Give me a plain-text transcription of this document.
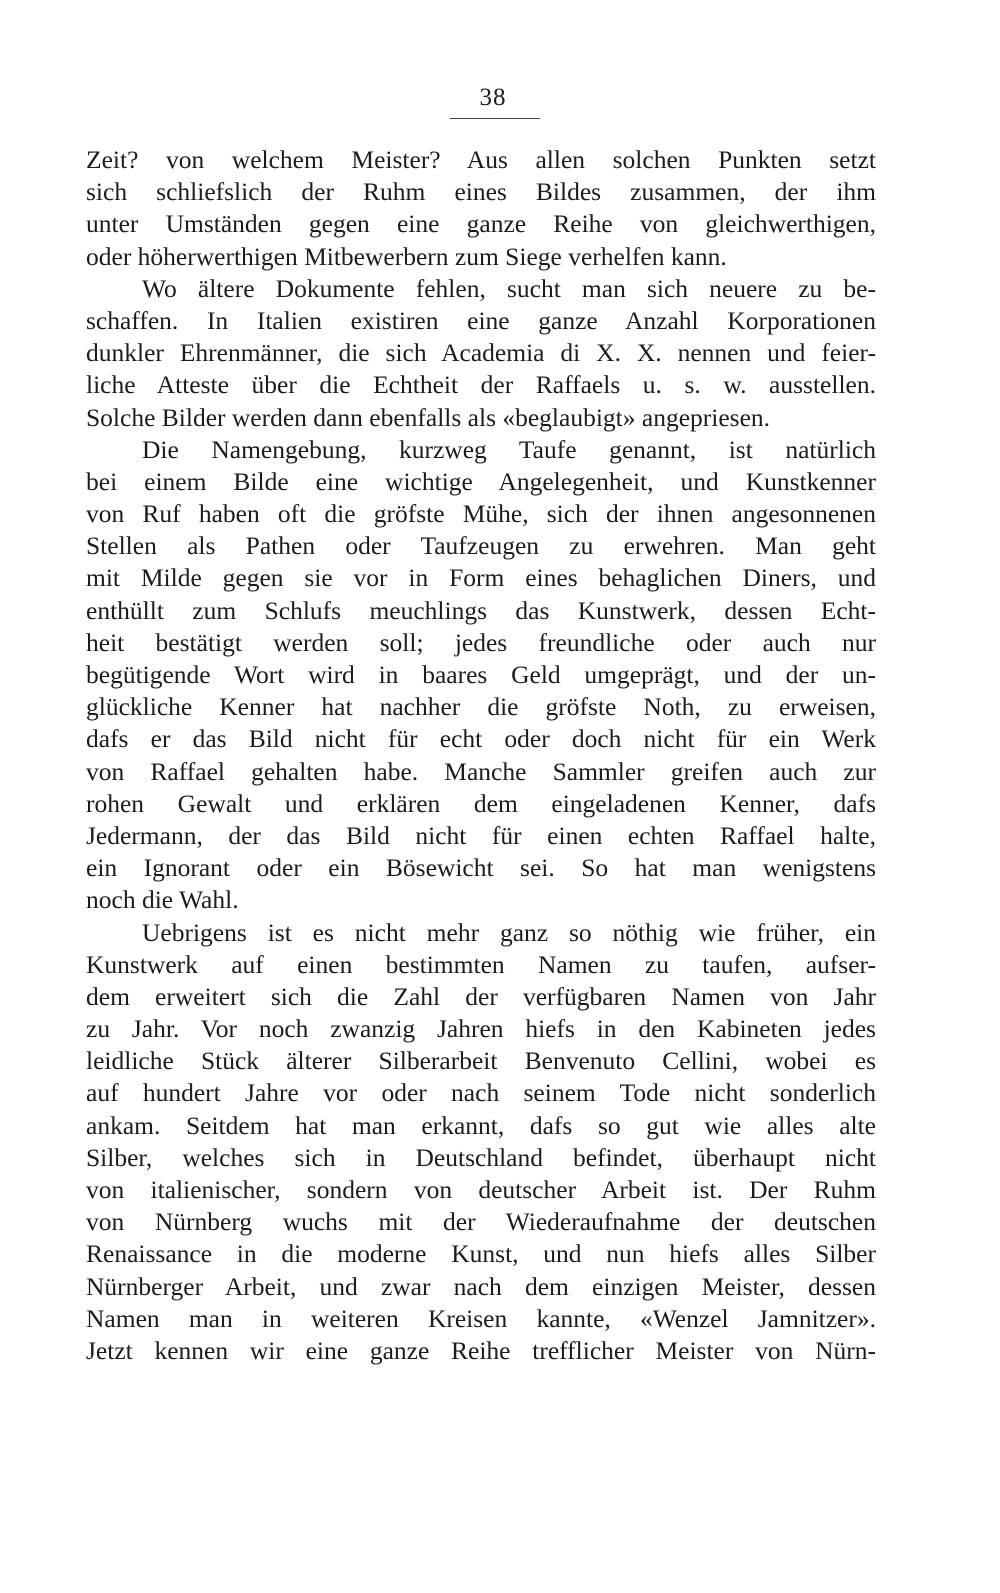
38
Zeit? von welchem Meister? Aus allen solchen Punkten setzt
sich schliefslich der Ruhm eines Bildes zusammen, der ihm
unter Umständen gegen eine ganze Reihe von gleichwerthigen,
oder höherwerthigen Mitbewerbern zum Siege verhelfen kann.
Wo ältere Dokumente fehlen, sucht man sich neuere zu be-
schaffen. In Italien existiren eine ganze Anzahl Korporationen
dunkler Ehrenmänner, die sich Academia di X. X. nennen und feier-
liche Atteste über die Echtheit der Raffaels u. s. w. ausstellen.
Solche Bilder werden dann ebenfalls als «beglaubigt» angepriesen.
Die Namengebung, kurzweg Taufe genannt, ist natürlich
bei einem Bilde eine wichtige Angelegenheit, und Kunstkenner
von Ruf haben oft die gröfste Mühe, sich der ihnen angesonnenen
Stellen als Pathen oder Taufzeugen zu erwehren. Man geht
mit Milde gegen sie vor in Form eines behaglichen Diners, und
enthüllt zum Schlufs meuchlings das Kunstwerk, dessen Echt-
heit bestätigt werden soll; jedes freundliche oder auch nur
begütigende Wort wird in baares Geld umgeprägt, und der un-
glückliche Kenner hat nachher die gröfste Noth, zu erweisen,
dafs er das Bild nicht für echt oder doch nicht für ein Werk
von Raffael gehalten habe. Manche Sammler greifen auch zur
rohen Gewalt und erklären dem eingeladenen Kenner, dafs
Jedermann, der das Bild nicht für einen echten Raffael halte,
ein Ignorant oder ein Bösewicht sei. So hat man wenigstens
noch die Wahl.
Uebrigens ist es nicht mehr ganz so nöthig wie früher, ein
Kunstwerk auf einen bestimmten Namen zu taufen, aufser-
dem erweitert sich die Zahl der verfügbaren Namen von Jahr
zu Jahr. Vor noch zwanzig Jahren hiefs in den Kabineten jedes
leidliche Stück älterer Silberarbeit Benvenuto Cellini, wobei es
auf hundert Jahre vor oder nach seinem Tode nicht sonderlich
ankam. Seitdem hat man erkannt, dafs so gut wie alles alte
Silber, welches sich in Deutschland befindet, überhaupt nicht
von italienischer, sondern von deutscher Arbeit ist. Der Ruhm
von Nürnberg wuchs mit der Wiederaufnahme der deutschen
Renaissance in die moderne Kunst, und nun hiefs alles Silber
Nürnberger Arbeit, und zwar nach dem einzigen Meister, dessen
Namen man in weiteren Kreisen kannte, «Wenzel Jamnitzer».
Jetzt kennen wir eine ganze Reihe trefflicher Meister von Nürn-
